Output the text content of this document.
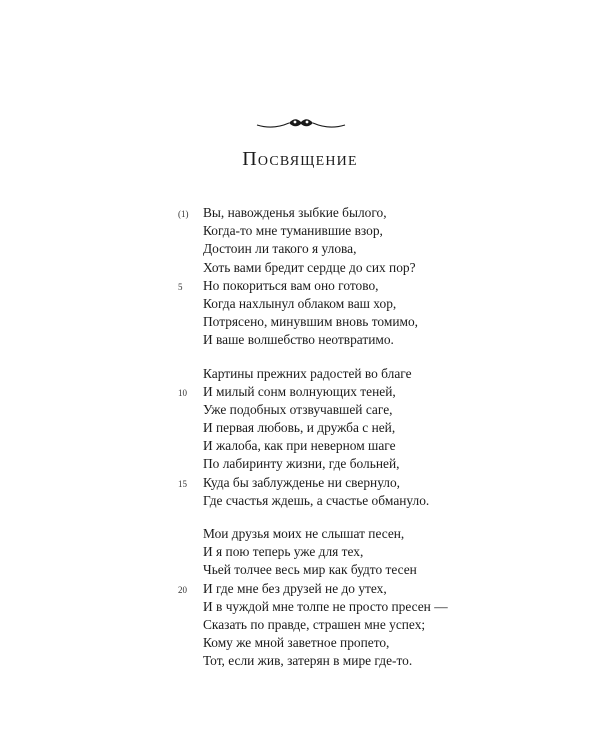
Посвящение
(1)	Вы, навожденья зыбкие былого,
Когда-то мне туманившие взор,
Достоин ли такого я улова,
Хоть вами бредит сердце до сих пор?
5	Но покориться вам оно готово,
Когда нахлынул облаком ваш хор,
Потрясено, минувшим вновь томимо,
И ваше волшебство неотвратимо.
Картины прежних радостей во благе
10	И милый сонм волнующих теней,
Уже подобных отзвучавшей саге,
И первая любовь, и дружба с ней,
И жалоба, как при неверном шаге
По лабиринту жизни, где больней,
15	Куда бы заблужденье ни свернуло,
Где счастья ждешь, а счастье обмануло.
Мои друзья моих не слышат песен,
И я пою теперь уже для тех,
Чьей толчее весь мир как будто тесен
20	И где мне без друзей не до утех,
И в чуждой мне толпе не просто пресен —
Сказать по правде, страшен мне успех;
Кому же мной заветное пропето,
Тот, если жив, затерян в мире где-то.
